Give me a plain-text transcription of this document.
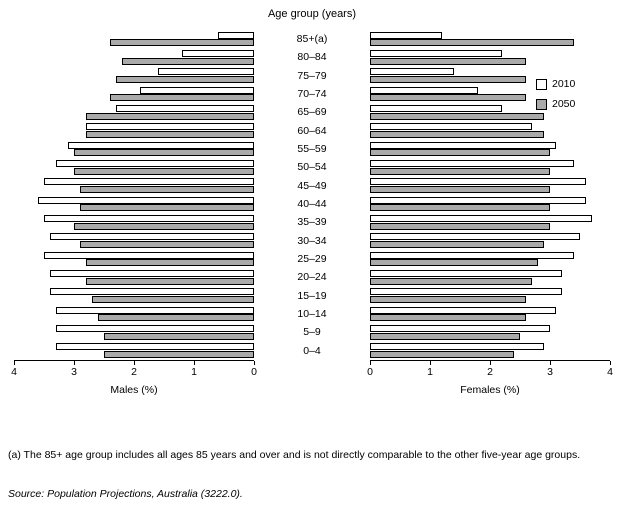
Age group (years)
4	3	2	1	0
Males (%)
85+(a)
80–84
75–79
70–74
65–69
60–64
55–59
50–54
45–49
40–44
35–39
30–34
25–29
20–24
15–19
10–14
5–9
0–4
0	1	2	3	4
Females (%)
2010
2050
(a) The 85+ age group includes all ages 85 years and over and is not directly comparable to the other five-year age groups.
Source: Population Projections, Australia (3222.0).
